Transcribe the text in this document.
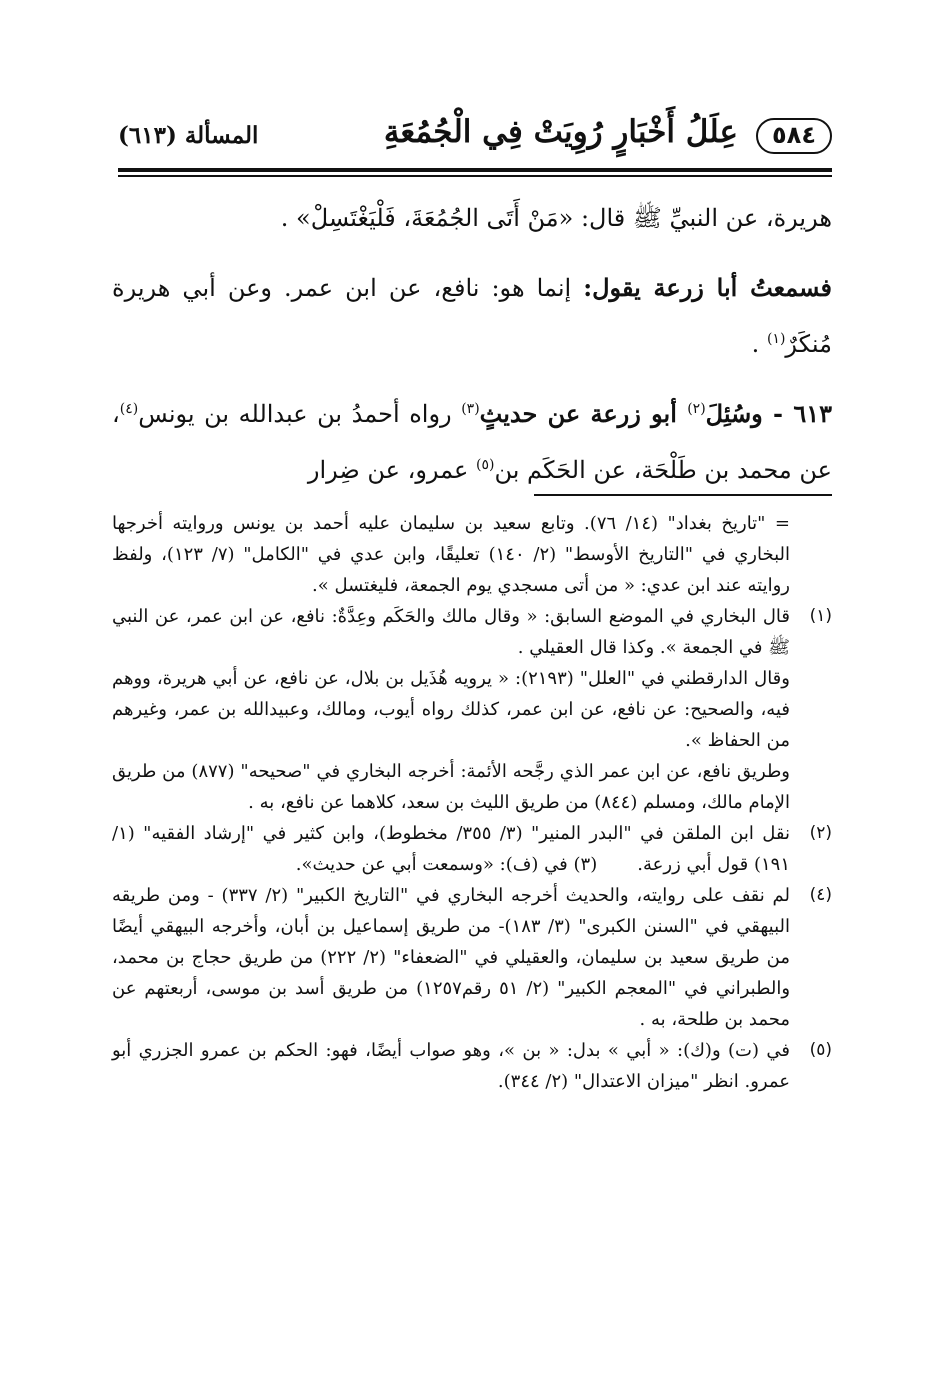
٥٨٤
عِلَلُ أَخْبَارٍ رُوِيَتْ فِي الْجُمُعَةِ
المسألة (٦١٣)

هريرة، عن النبيِّ ﷺ قال: «مَنْ أَتَى الجُمُعَةَ، فَلْيَغْتَسِلْ» .

فسمعتُ أبا زرعة يقول: إنما هو: نافع، عن ابن عمر. وعن أبي هريرة مُنكَرٌ$^{(١)}$ .

٦١٣ - وسُئِلَ$^{(٢)}$ أبو زرعة عن حديثٍ$^{(٣)}$ رواه أحمدُ بن عبدالله بن يونس$^{(٤)}$، عن محمد بن طَلْحَة، عن الحَكَم بن$^{(٥)}$ عمرو، عن ضِرار

= "تاريخ بغداد" (١٤/ ٧٦). وتابع سعيد بن سليمان عليه أحمد بن يونس وروايته أخرجها البخاري في "التاريخ الأوسط" (٢/ ١٤٠) تعليقًا، وابن عدي في "الكامل" (٧/ ١٢٣)، ولفظ روايته عند ابن عدي: « من أتى مسجدي يوم الجمعة، فليغتسل ».
(١)

قال البخاري في الموضع السابق: « وقال مالك والحَكَم وعِدَّةٌ: نافع، عن ابن عمر، عن النبي ﷺ في الجمعة ». وكذا قال العقيلي .

وقال الدارقطني في "العلل" (٢١٩٣): « يرويه هُذَيل بن بلال، عن نافع، عن أبي هريرة، ووهم فيه، والصحيح: عن نافع، عن ابن عمر، كذلك رواه أيوب، ومالك، وعبيدالله بن عمر، وغيرهم من الحفاظ ».

وطريق نافع، عن ابن عمر الذي رجَّحه الأئمة: أخرجه البخاري في "صحيحه" (٨٧٧) من طريق الإمام مالك، ومسلم (٨٤٤) من طريق الليث بن سعد، كلاهما عن نافع، به .

(٢)
نقل ابن الملقن في "البدر المنير" (٣/ ٣٥٥/ مخطوط)، وابن كثير في "إرشاد الفقيه" (١/ ١٩١) قول أبي زرعة.       (٣) في (ف): «وسمعت أبي عن حديث».
(٤)
لم نقف على روايته، والحديث أخرجه البخاري في "التاريخ الكبير" (٢/ ٣٣٧) - ومن طريقه البيهقي في "السنن الكبرى" (٣/ ١٨٣)- من طريق إسماعيل بن أبان، وأخرجه البيهقي أيضًا من طريق سعيد بن سليمان، والعقيلي في "الضعفاء" (٢/ ٢٢٢) من طريق حجاج بن محمد، والطبراني في "المعجم الكبير" (٢/ ٥١ رقم١٢٥٧) من طريق أسد بن موسى، أربعتهم عن محمد بن طلحة، به .
(٥)
في (ت) و(ك): « أبي » بدل: « بن »، وهو صواب أيضًا، فهو: الحكم بن عمرو الجزري أبو عمرو. انظر "ميزان الاعتدال" (٢/ ٣٤٤).
